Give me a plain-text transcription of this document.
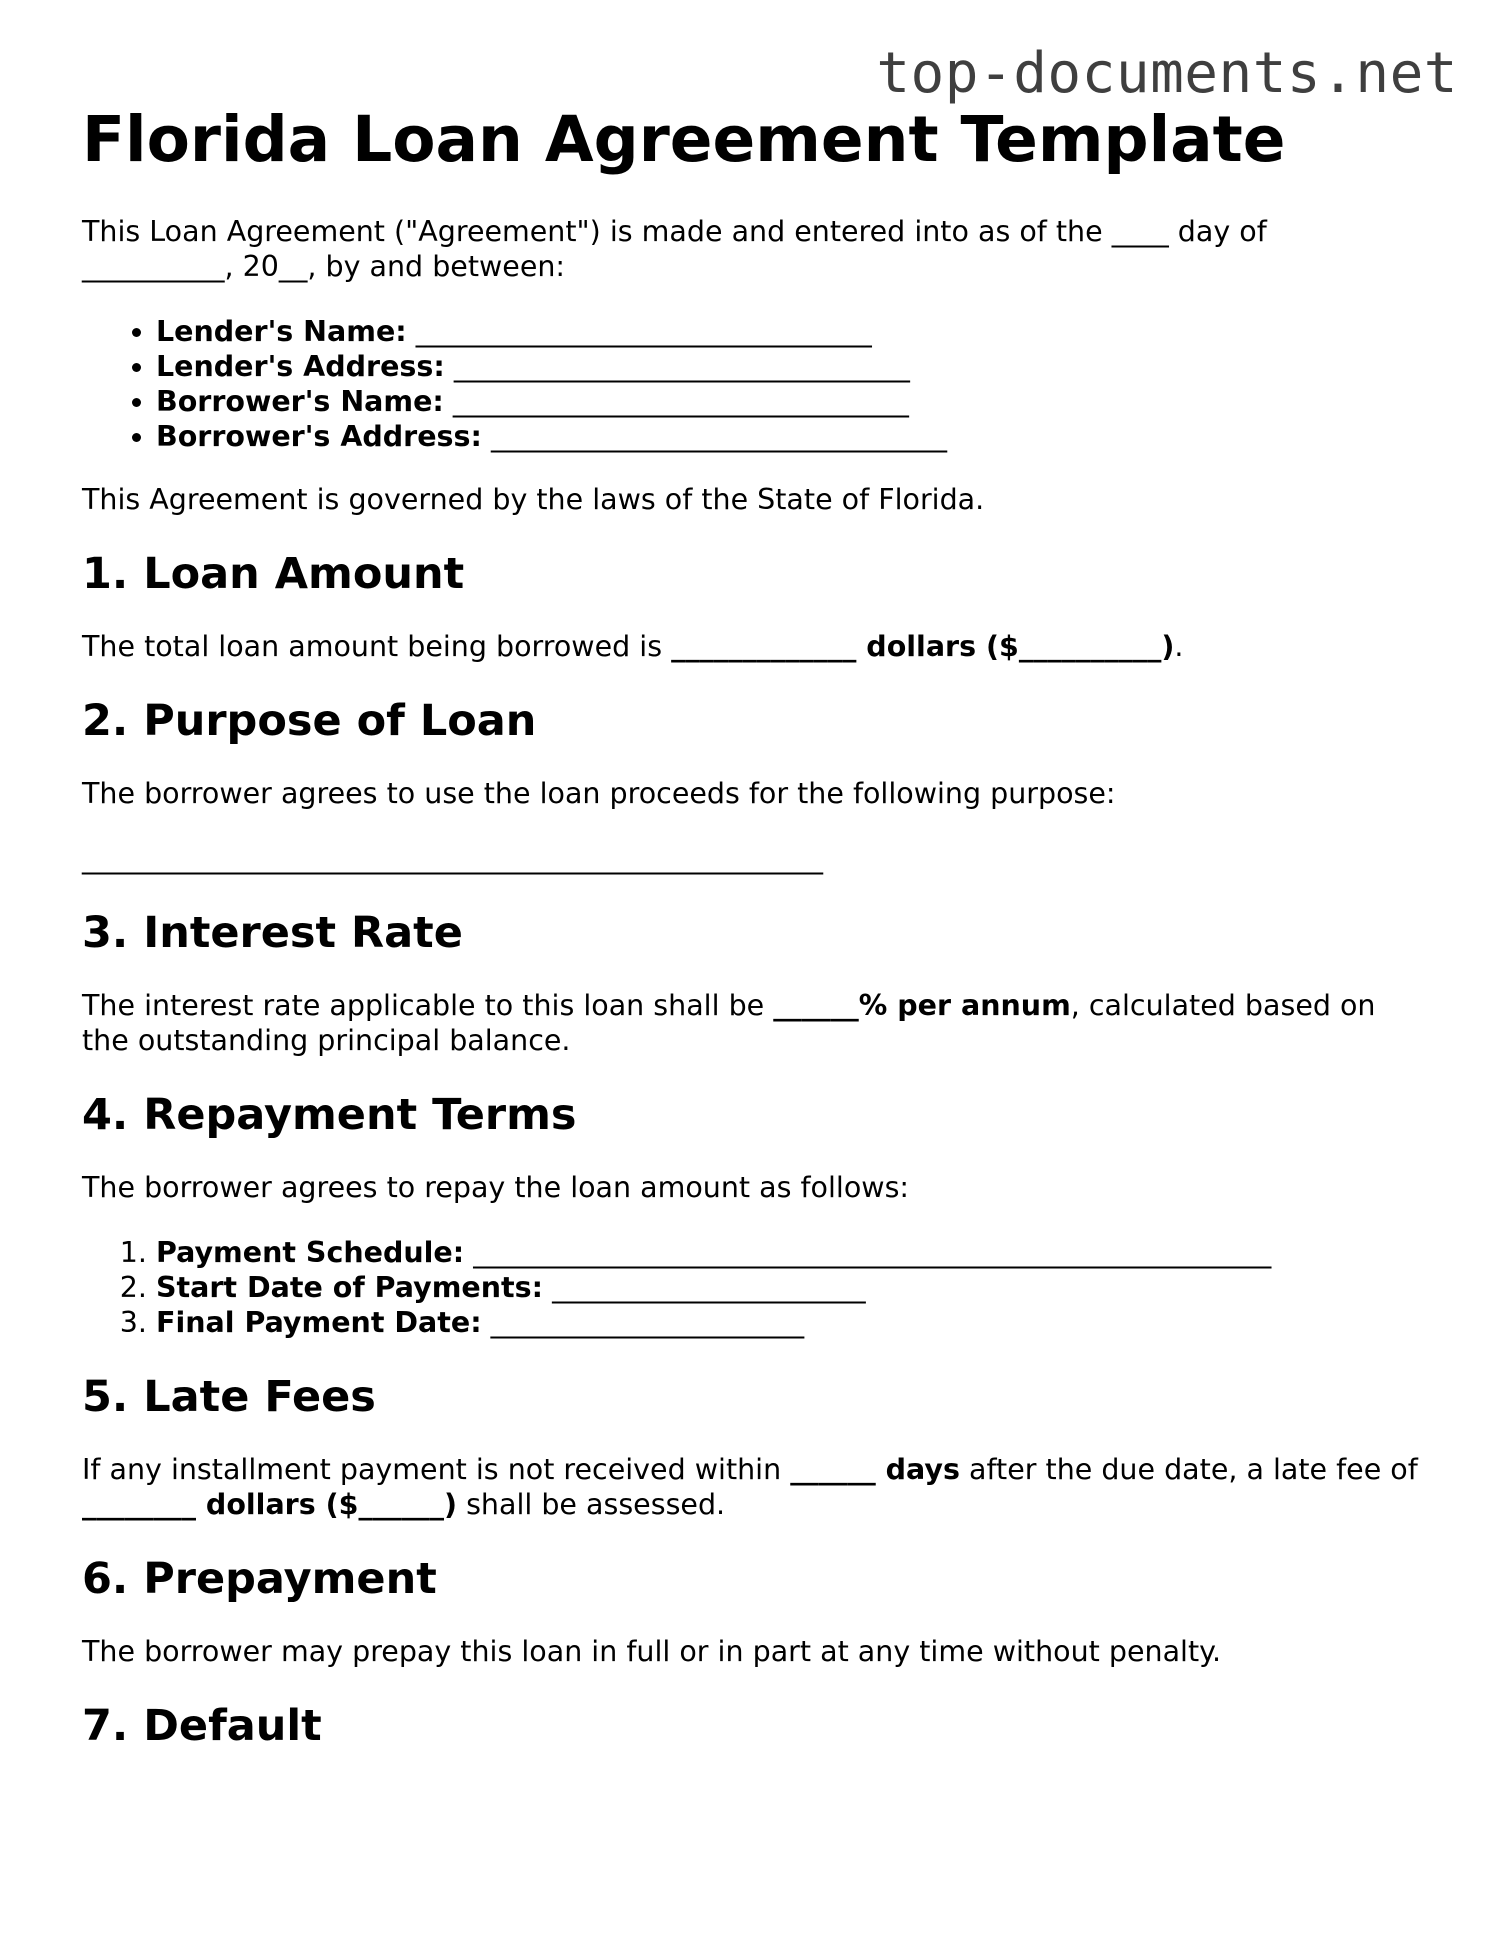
top-documents.net
Florida Loan Agreement Template

This Loan Agreement ("Agreement") is made and entered into as of the ____ day of __________, 20__, by and between:

• Lender's Name: ________________________________
• Lender's Address: ________________________________
• Borrower's Name: ________________________________
• Borrower's Address: ________________________________

This Agreement is governed by the laws of the State of Florida.

1. Loan Amount

The total loan amount being borrowed is _____________ dollars ($__________).

2. Purpose of Loan

The borrower agrees to use the loan proceeds for the following purpose:

____________________________________________________

3. Interest Rate

The interest rate applicable to this loan shall be ______% per annum, calculated based on the outstanding principal balance.

4. Repayment Terms

The borrower agrees to repay the loan amount as follows:

1. Payment Schedule: ________________________________________________________
2. Start Date of Payments: ______________________
3. Final Payment Date: ______________________
5. Late Fees

If any installment payment is not received within ______ days after the due date, a late fee of ________ dollars ($______) shall be assessed.

6. Prepayment

The borrower may prepay this loan in full or in part at any time without penalty.

7. Default
